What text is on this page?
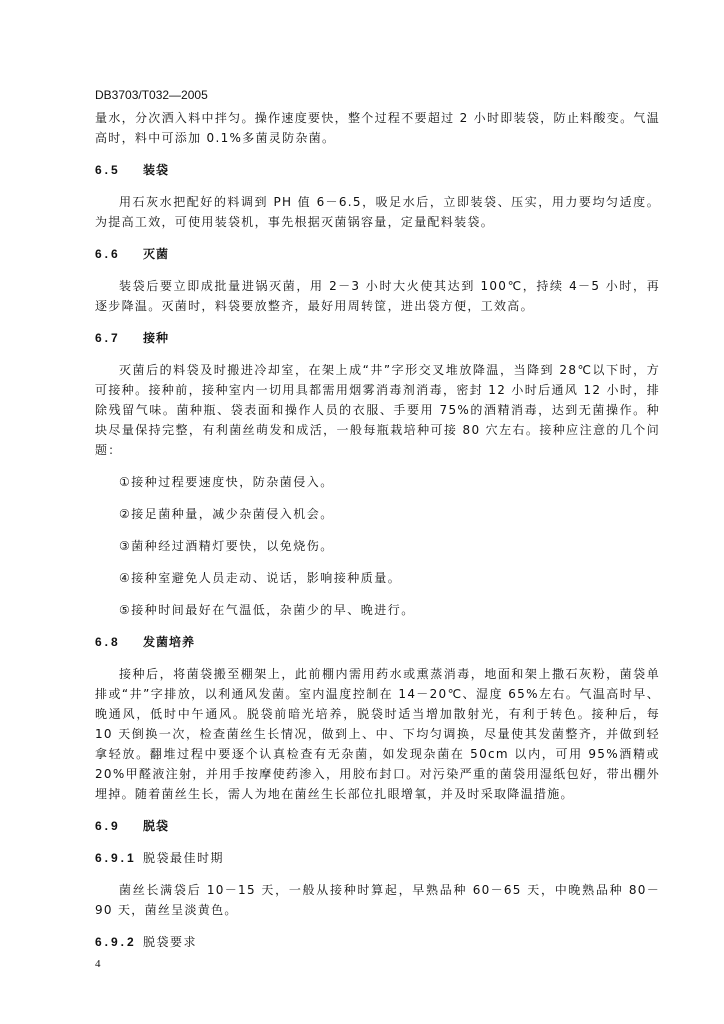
DB3703/T032—2005

量水，分次洒入料中拌匀。操作速度要快，整个过程不要超过 2 小时即装袋，防止料酸变。气温高时，料中可添加 0.1%多菌灵防杂菌。

6.5 装袋

用石灰水把配好的料调到 PH 值 6－6.5，吸足水后，立即装袋、压实，用力要均匀适度。为提高工效，可使用装袋机，事先根据灭菌锅容量，定量配料装袋。

6.6 灭菌

装袋后要立即成批量进锅灭菌，用 2－3 小时大火使其达到 100℃，持续 4－5 小时，再逐步降温。灭菌时，料袋要放整齐，最好用周转筐，进出袋方便，工效高。

6.7 接种

灭菌后的料袋及时搬进冷却室，在架上成“井”字形交叉堆放降温，当降到 28℃以下时，方可接种。接种前，接种室内一切用具都需用烟雾消毒剂消毒，密封 12 小时后通风 12 小时，排除残留气味。菌种瓶、袋表面和操作人员的衣服、手要用 75%的酒精消毒，达到无菌操作。种块尽量保持完整，有利菌丝萌发和成活，一般每瓶栽培种可接 80 穴左右。接种应注意的几个问题：

①接种过程要速度快，防杂菌侵入。

②接足菌种量，减少杂菌侵入机会。

③菌种经过酒精灯要快，以免烧伤。

④接种室避免人员走动、说话，影响接种质量。

⑤接种时间最好在气温低，杂菌少的早、晚进行。

6.8 发菌培养

接种后，将菌袋搬至棚架上，此前棚内需用药水或熏蒸消毒，地面和架上撒石灰粉，菌袋单排或“井”字排放，以利通风发菌。室内温度控制在 14－20℃、湿度 65%左右。气温高时早、晚通风，低时中午通风。脱袋前暗光培养，脱袋时适当增加散射光，有利于转色。接种后，每 10 天倒换一次，检查菌丝生长情况，做到上、中、下均匀调换，尽量使其发菌整齐，并做到轻拿轻放。翻堆过程中要逐个认真检查有无杂菌，如发现杂菌在 50cm 以内，可用 95%酒精或 20%甲醛液注射，并用手按摩使药渗入，用胶布封口。对污染严重的菌袋用湿纸包好，带出棚外埋掉。随着菌丝生长，需人为地在菌丝生长部位扎眼增氧，并及时采取降温措施。

6.9 脱袋
6.9.1 脱袋最佳时期

菌丝长满袋后 10－15 天，一般从接种时算起，早熟品种 60－65 天，中晚熟品种 80－90 天，菌丝呈淡黄色。

6.9.2 脱袋要求
4
